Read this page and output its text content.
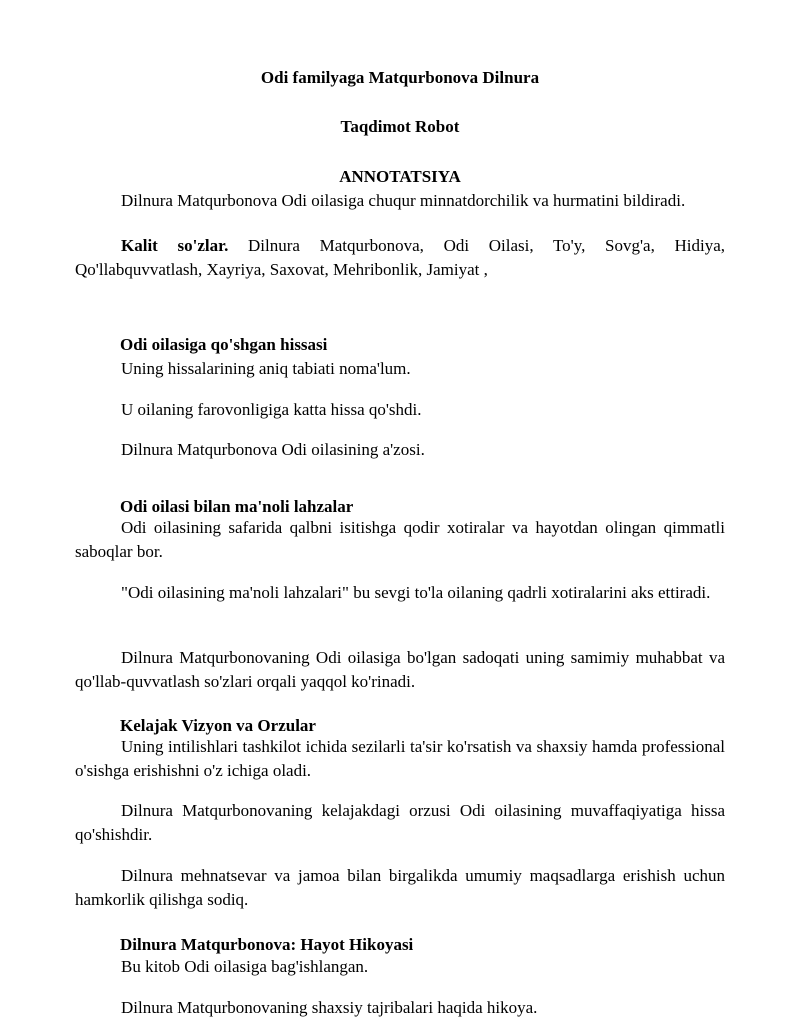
Odi familyaga Matqurbonova Dilnura

Taqdimot Robot

ANNOTATSIYA

Dilnura Matqurbonova Odi oilasiga chuqur minnatdorchilik va hurmatini bildiradi.

Kalit so'zlar. Dilnura Matqurbonova, Odi Oilasi, To'y, Sovg'a, Hidiya, Qo'llabquvvatlash, Xayriya, Saxovat, Mehribonlik, Jamiyat ,

Odi oilasiga qo'shgan hissasi

Uning hissalarining aniq tabiati noma'lum.

U oilaning farovonligiga katta hissa qo'shdi.

Dilnura Matqurbonova Odi oilasining a'zosi.

Odi oilasi bilan ma'noli lahzalar

Odi oilasining safarida qalbni isitishga qodir xotiralar va hayotdan olingan qimmatli saboqlar bor.

"Odi oilasining ma'noli lahzalari" bu sevgi to'la oilaning qadrli xotiralarini aks ettiradi.

Dilnura Matqurbonovaning Odi oilasiga bo'lgan sadoqati uning samimiy muhabbat va qo'llab-quvvatlash so'zlari orqali yaqqol ko'rinadi.

Kelajak Vizyon va Orzular

Uning intilishlari tashkilot ichida sezilarli ta'sir ko'rsatish va shaxsiy hamda professional o'sishga erishishni o'z ichiga oladi.

Dilnura Matqurbonovaning kelajakdagi orzusi Odi oilasining muvaffaqiyatiga hissa qo'shishdir.

Dilnura mehnatsevar va jamoa bilan birgalikda umumiy maqsadlarga erishish uchun hamkorlik qilishga sodiq.

Dilnura Matqurbonova: Hayot Hikoyasi

Bu kitob Odi oilasiga bag'ishlangan.

Dilnura Matqurbonovaning shaxsiy tajribalari haqida hikoya.
